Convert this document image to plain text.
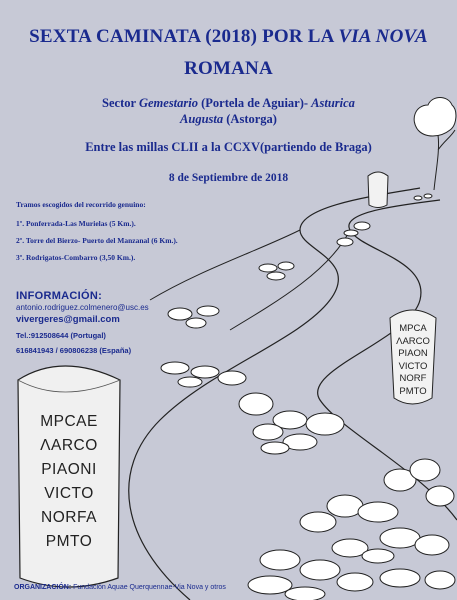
MPCAE
ΛARCO
PIAONI
VICTO
NORFA
PMTO
MPCA
ΛARCO
PIAON
VICTO
NORF
PMTO
SEXTA CAMINATA (2018) POR LA VIA NOVA
ROMANA
Sector Gemestario (Portela de Aguiar)- Asturica
Augusta (Astorga)
Entre las millas CLII a la CCXV(partiendo de Braga)
8 de Septiembre de 2018
Tramos escogidos del recorrido genuino:
1º. Ponferrada-Las Murielas (5 Km.).
2º. Torre del Bierzo- Puerto del Manzanal (6 Km.).
3º. Rodrigatos-Combarro (3,50 Km.).
INFORMACIÓN:
antonio.rodriguez.colmenero@usc.es
vivergeres@gmail.com
Tel.:912508644 (Portugal)
616841943 / 690806238 (España)
ORGANIZACIÓN: Fundación Aquae Querquennae-Via Nova y otros
